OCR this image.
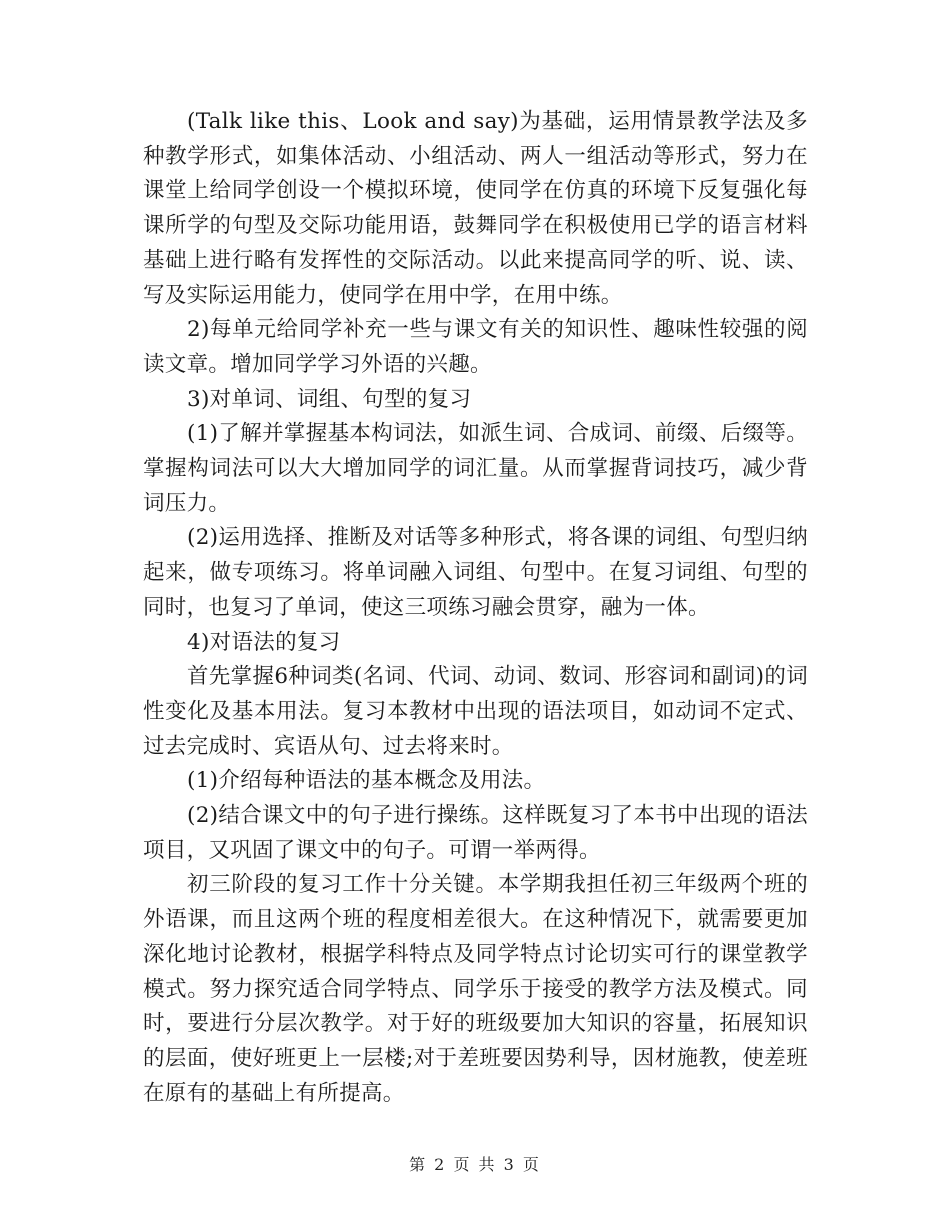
(Talk like this、Look and say)为基础，运用情景教学法及多种教学形式，如集体活动、小组活动、两人一组活动等形式，努力在课堂上给同学创设一个模拟环境，使同学在仿真的环境下反复强化每课所学的句型及交际功能用语，鼓舞同学在积极使用已学的语言材料基础上进行略有发挥性的交际活动。以此来提高同学的听、说、读、写及实际运用能力，使同学在用中学，在用中练。

2)每单元给同学补充一些与课文有关的知识性、趣味性较强的阅读文章。增加同学学习外语的兴趣。

3)对单词、词组、句型的复习

(1)了解并掌握基本构词法，如派生词、合成词、前缀、后缀等。掌握构词法可以大大增加同学的词汇量。从而掌握背词技巧，减少背词压力。

(2)运用选择、推断及对话等多种形式，将各课的词组、句型归纳起来，做专项练习。将单词融入词组、句型中。在复习词组、句型的同时，也复习了单词，使这三项练习融会贯穿，融为一体。

4)对语法的复习

首先掌握6种词类(名词、代词、动词、数词、形容词和副词)的词性变化及基本用法。复习本教材中出现的语法项目，如动词不定式、过去完成时、宾语从句、过去将来时。

(1)介绍每种语法的基本概念及用法。

(2)结合课文中的句子进行操练。这样既复习了本书中出现的语法项目，又巩固了课文中的句子。可谓一举两得。

初三阶段的复习工作十分关键。本学期我担任初三年级两个班的外语课，而且这两个班的程度相差很大。在这种情况下，就需要更加深化地讨论教材，根据学科特点及同学特点讨论切实可行的课堂教学模式。努力探究适合同学特点、同学乐于接受的教学方法及模式。同时，要进行分层次教学。对于好的班级要加大知识的容量，拓展知识的层面，使好班更上一层楼;对于差班要因势利导，因材施教，使差班在原有的基础上有所提高。

第 2 页 共 3 页
